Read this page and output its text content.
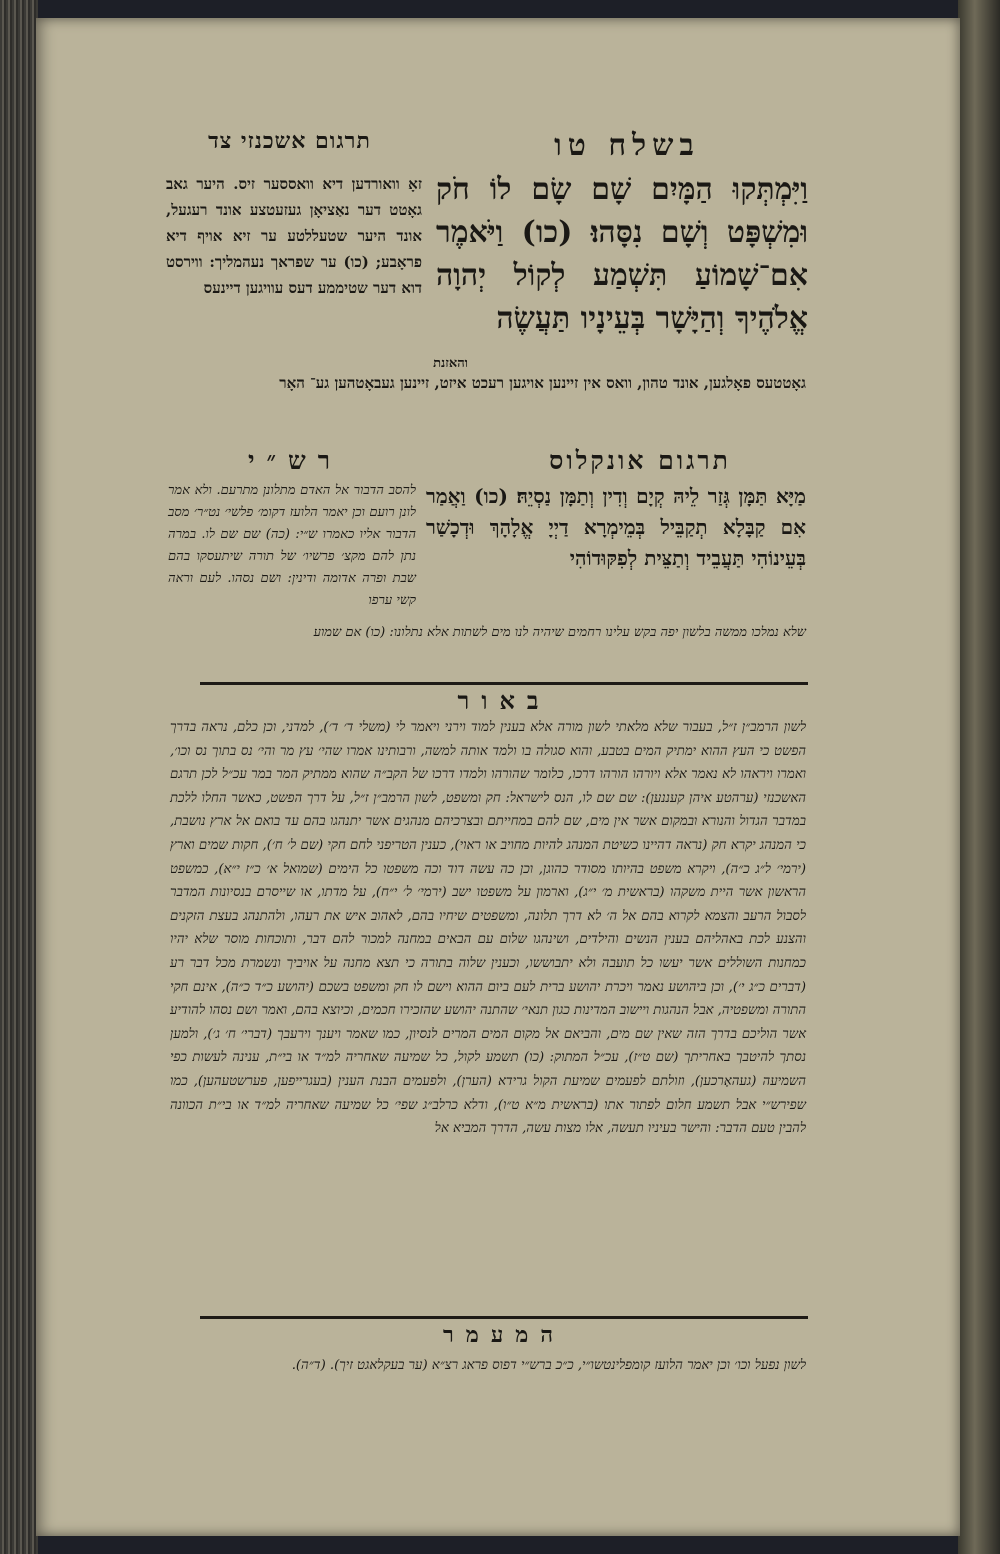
בשלח טו
תרגום אשכנזי צד
וַיִּמְתְּקוּ הַמָּיִם שָׁם שָׂם לוֹ חֹק וּמִשְׁפָּט וְשָׁם נִסָּהוּ׃ (כו) וַיֹּאמֶר אִם־שָׁמוֹעַ תִּשְׁמַע לְקוֹל יְהוָה אֱלֹהֶיךָ וְהַיָּשָׁר בְּעֵינָיו תַּעֲשֶׂה
והאזנת
זאָ וואורדען דיא וואססער זיס. היער גאב גאָטט דער נאַציאָן געזעטצע אונד רעגעל, אונד היער שטעללטע ער זיא אויף דיא פראָבע; (כו) ער שפראך נעהמליך: ווירסט דוא דער שטיממע דעס עוויגען דיינעס
גאָטטעס פאָלגען, אונד טהון, וואס אין זיינען אויגען רעכט איזט, זיינען געבאָטהען גע־ האָר
תרגום אונקלוס
רש״י
מַיָּא תַּמָּן גְּזַר לֵיהּ קְיָם וְדִין וְתַמָּן נַסְיֵהּ׃ (כו) וַאֲמַר אִם קַבָּלָא תְקַבֵּיל בְּמֵימְרָא דַיְיָ אֱלָהָךְ וּדְכָשַׁר בְּעֵינוֹהִי תַּעֲבֵיד וְתַצֵּית לְפִקּוּדוֹהִי
להסב הדבור אל האדם מתלונן מתרעם. ולא אמר לונן רועם וכן יאמר הלועז דקומ׳ פלשי׳ נט״ר׳ מסב הדבור אליו כאמרו ש״י: (כה) שם שם לו. במרה נתן להם מקצ׳ פרשיו׳ של תורה שיתעסקו בהם שבת ופרה אדומה ודינין: ושם נסהו. לעם וראה קשי ערפו
שלא נמלכו ממשה בלשון יפה בקש עלינו רחמים שיהיה לנו מים לשתות אלא נתלונו: (כו) אם שמוע
באור
לשון הרמב״ן ז״ל, בעבור שלא מלאתי לשון מורה אלא בענין למוד וירני ויאמר לי (משלי ד׳ ד׳), למדני, וכן כלם, נראה בדרך הפשט כי העץ ההוא ימתיק המים בטבע, והוא סגולה בו ולמד אותה למשה, ורבותינו אמרו שהי׳ עץ מר והי׳ נס בתוך נס וכו׳, ואמרו ויראהו לא נאמר אלא ויורהו הורהו דרכו, כלומר שהורהו ולמדו דרכו של הקב״ה שהוא ממתיק המר במר עכ״ל לכן תרגם האשכנזי (ערהטע איהן קעננען): שם שם לו, הנס לישראל: חק ומשפט, לשון הרמב״ן ז״ל, על דרך הפשט, כאשר החלו ללכת במדבר הגדול והנורא ובמקום אשר אין מים, שם להם במחייתם ובצרכיהם מנהגים אשר יתנהגו בהם עד בואם אל ארץ נושבת, כי המנהג יקרא חק (נראה דהיינו כשיטת המנהג להיות מחויב או ראוי), כענין הטריפני לחם חקי (שם ל׳ ח׳), חקות שמים וארץ (ירמי׳ ל״ג כ״ה), ויקרא משפט בהיותו מסודר כהוגן, וכן כה עשה דוד וכה משפטו כל הימים (שמואל א׳ כ״ז י״א), כמשפט הראשון אשר היית משקהו (בראשית מ׳ י״ג), וארמון על משפטו ישב (ירמי׳ ל׳ י״ח), על מדתו, או שייסרם בנסיונות המדבר לסבול הרעב והצמא לקרוא בהם אל ה׳ לא דרך תלונה, ומשפטים שיחיו בהם, לאהוב איש את רעהו, ולהתנהג בעצת הזקנים והצנע לכת באהליהם בענין הנשים והילדים, ושינהגו שלום עם הבאים במחנה למכור להם דבר, ותוכחות מוסר שלא יהיו כמחנות השוללים אשר יעשו כל תועבה ולא יתבוששו, וכענין שלוה בתורה כי תצא מחנה על אויביך ונשמרת מכל דבר רע (דברים כ״ג י׳), וכן ביהושע נאמר ויכרת יהושע ברית לעם ביום ההוא וישם לו חק ומשפט בשכם (יהושע כ״ד כ״ה), אינם חקי התורה ומשפטיה, אבל הנהגות ויישוב המדינות כגון תנאי׳ שהתנה יהושע שהזכירו חכמים, וכיוצא בהם, ואמר ושם נסהו להודיע אשר הוליכם בדרך הזה שאין שם מים, והביאם אל מקום המים המרים לנסיון, כמו שאמר ויענך וירעבך (דברי׳ ח׳ ג׳), ולמען נסתך להיטבך באחריתך (שם ט״ז), עכ״ל המתוק: (כו) תשמע לקול, כל שמיעה שאחריה למ״ד או בי״ת, ענינה לעשות כפי השמיעה (געהאָרכען), וזולתם לפעמים שמיעת הקול גרידא (הערן), ולפעמים הבנת הענין (בעגרייפען, פערשטעהען), כמו שפירש״י אבל תשמע חלום לפתור אתו (בראשית מ״א ט״ו), ודלא כרלב״ג שפי׳ כל שמיעה שאחריה למ״ד או בי״ת הכוונה להבין טעם הדבר: והישר בעיניו תעשה, אלו מצות עשה, הדרך המביא אל
המעמר
לשון נפעל וכו׳ וכן יאמר הלועז קומפלינטשו״י, כ״כ ברש״י דפוס פראג רצ״א (ער בעקלאגט זיך). (ד״ה).
